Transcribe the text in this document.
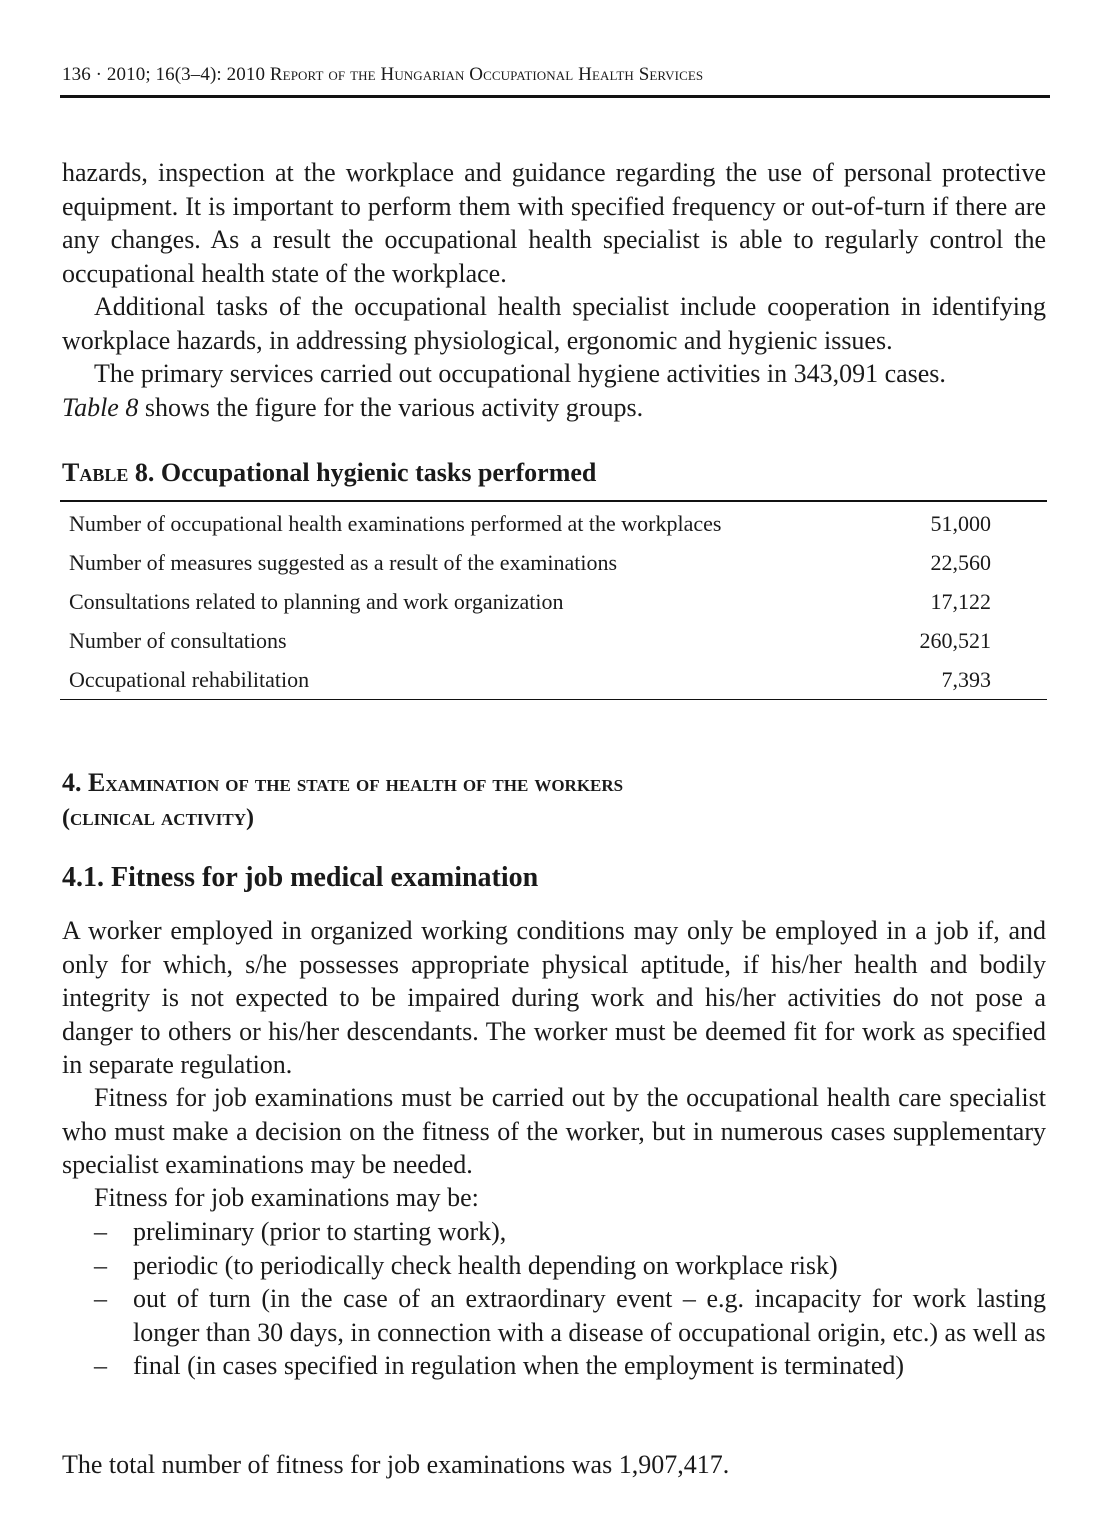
136 · 2010; 16(3–4): 2010 Report of the Hungarian Occupational Health Services

hazards, inspection at the workplace and guidance regarding the use of personal protective equipment. It is important to perform them with specified frequency or out-of-turn if there are any changes. As a result the occupational health specialist is able to regularly control the occupational health state of the workplace.

Additional tasks of the occupational health specialist include cooperation in identifying workplace hazards, in addressing physiological, ergonomic and hygienic issues.

The primary services carried out occupational hygiene activities in 343,091 cases.
Table 8 shows the figure for the various activity groups.

Table 8. Occupational hygienic tasks performed
Number of occupational health examinations performed at the workplaces	51,000
Number of measures suggested as a result of the examinations	22,560
Consultations related to planning and work organization	17,122
Number of consultations	260,521
Occupational rehabilitation	7,393
4. Examination of the state of health of the workers
(clinical activity)
4.1. Fitness for job medical examination

A worker employed in organized working conditions may only be employed in a job if, and only for which, s/he possesses appropriate physical aptitude, if his/her health and bodily integrity is not expected to be impaired during work and his/her activities do not pose a danger to others or his/her descendants. The worker must be deemed fit for work as specified in separate regulation.

Fitness for job examinations must be carried out by the occupational health care specialist who must make a decision on the fitness of the worker, but in numerous cases supplementary specialist examinations may be needed.

Fitness for job examinations may be:

– preliminary (prior to starting work),
– periodic (to periodically check health depending on workplace risk)
– out of turn (in the case of an extraordinary event – e.g. incapacity for work lasting longer than 30 days, in connection with a disease of occupational origin, etc.) as well as
– final (in cases specified in regulation when the employment is terminated)

The total number of fitness for job examinations was 1,907,417.
